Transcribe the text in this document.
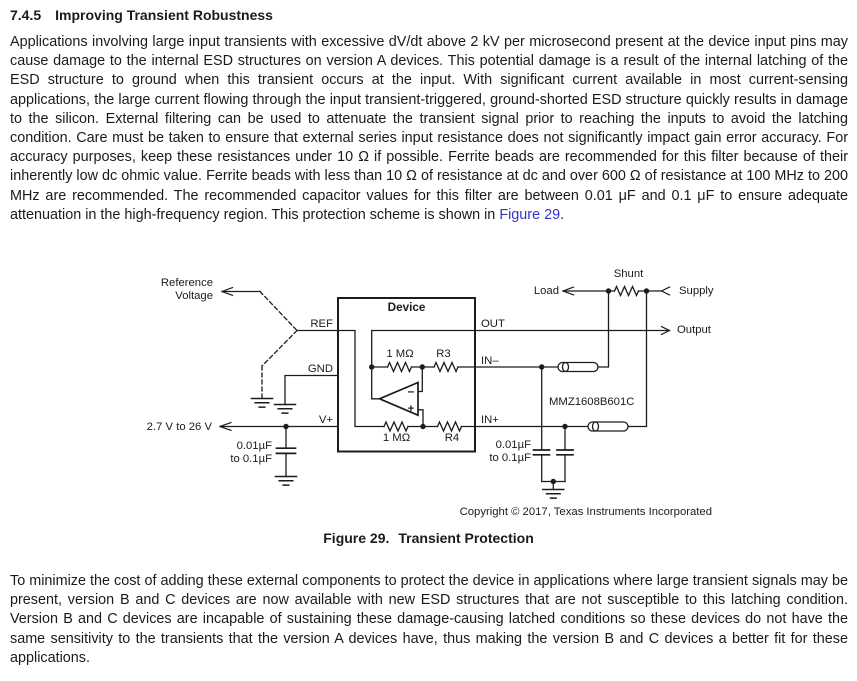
7.4.5 Improving Transient Robustness
Applications involving large input transients with excessive dV/dt above 2 kV per microsecond present at the device input pins may cause damage to the internal ESD structures on version A devices. This potential damage is a result of the internal latching of the ESD structure to ground when this transient occurs at the input. With significant current available in most current-sensing applications, the large current flowing through the input transient-triggered, ground-shorted ESD structure quickly results in damage to the silicon. External filtering can be used to attenuate the transient signal prior to reaching the inputs to avoid the latching condition. Care must be taken to ensure that external series input resistance does not significantly impact gain error accuracy. For accuracy purposes, keep these resistances under 10 Ω if possible. Ferrite beads are recommended for this filter because of their inherently low dc ohmic value. Ferrite beads with less than 10 Ω of resistance at dc and over 600 Ω of resistance at 100 MHz to 200 MHz are recommended. The recommended capacitor values for this filter are between 0.01 μF and 0.1 μF to ensure adequate attenuation in the high-frequency region. This protection scheme is shown in Figure 29.
Reference
Voltage
2.7 V to 26 V
0.01µF
to 0.1µF
REF
GND
V+
Device
OUT
IN–
IN+
1 MΩ	R3
1 MΩ	R4
–
+
Shunt
Load	Supply
Output
MMZ1608B601C
0.01µF
to 0.1µF
Copyright © 2017, Texas Instruments Incorporated
Figure 29. Transient Protection
To minimize the cost of adding these external components to protect the device in applications where large transient signals may be present, version B and C devices are now available with new ESD structures that are not susceptible to this latching condition. Version B and C devices are incapable of sustaining these damage-causing latched conditions so these devices do not have the same sensitivity to the transients that the version A devices have, thus making the version B and C devices a better fit for these applications.
